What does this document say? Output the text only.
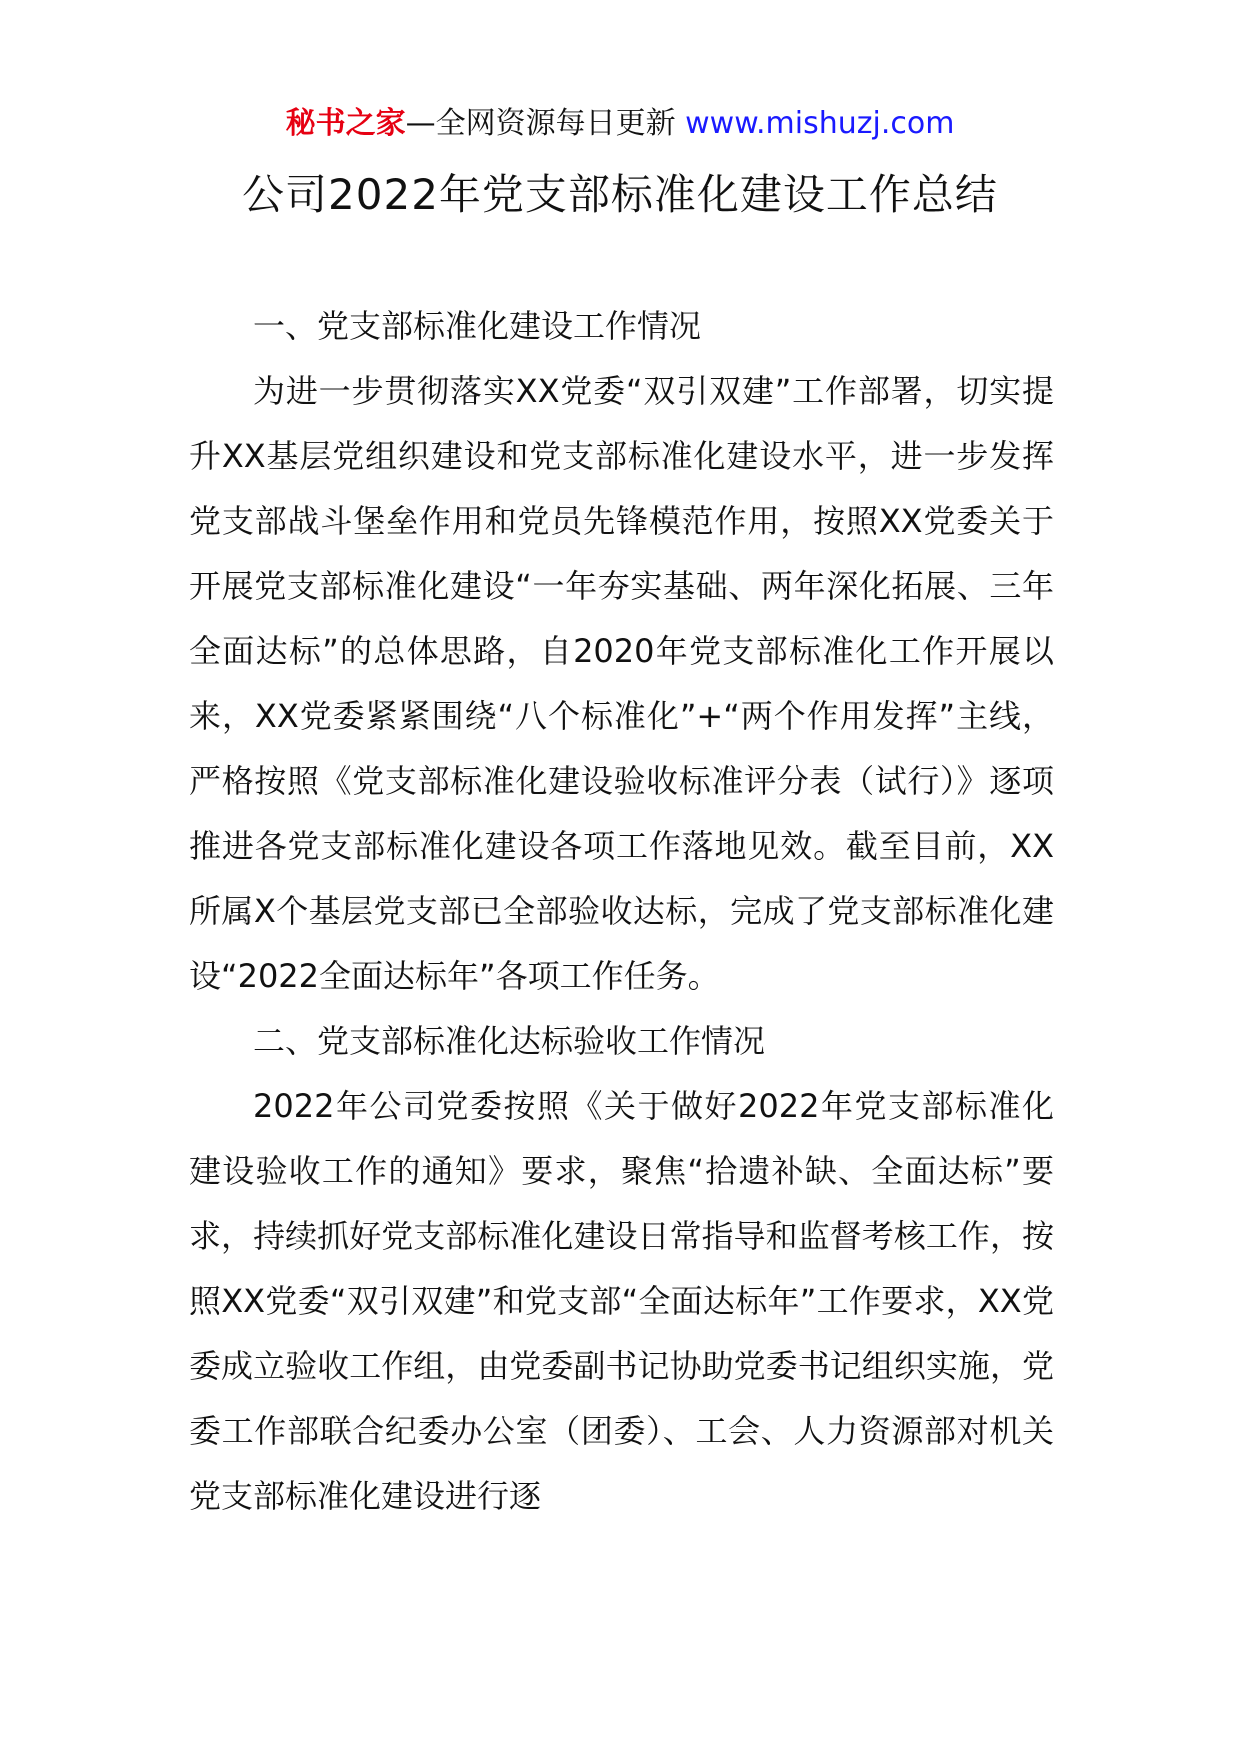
秘书之家—全网资源每日更新 www.mishuzj.com
公司2022年党支部标准化建设工作总结
一、党支部标准化建设工作情况

为进一步贯彻落实XX党委“双引双建”工作部署，切实提升XX基层党组织建设和党支部标准化建设水平，进一步发挥党支部战斗堡垒作用和党员先锋模范作用，按照XX党委关于开展党支部标准化建设“一年夯实基础、两年深化拓展、三年全面达标”的总体思路，自2020年党支部标准化工作开展以来，XX党委紧紧围绕“八个标准化”+“两个作用发挥”主线，严格按照《党支部标准化建设验收标准评分表（试行）》逐项推进各党支部标准化建设各项工作落地见效。截至目前，XX所属X个基层党支部已全部验收达标，完成了党支部标准化建设“2022全面达标年”各项工作任务。

二、党支部标准化达标验收工作情况

2022年公司党委按照《关于做好2022年党支部标准化建设验收工作的通知》要求，聚焦“拾遗补缺、全面达标”要求，持续抓好党支部标准化建设日常指导和监督考核工作，按照XX党委“双引双建”和党支部“全面达标年”工作要求，XX党委成立验收工作组，由党委副书记协助党委书记组织实施，党委工作部联合纪委办公室（团委）、工会、人力资源部对机关党支部标准化建设进行逐
